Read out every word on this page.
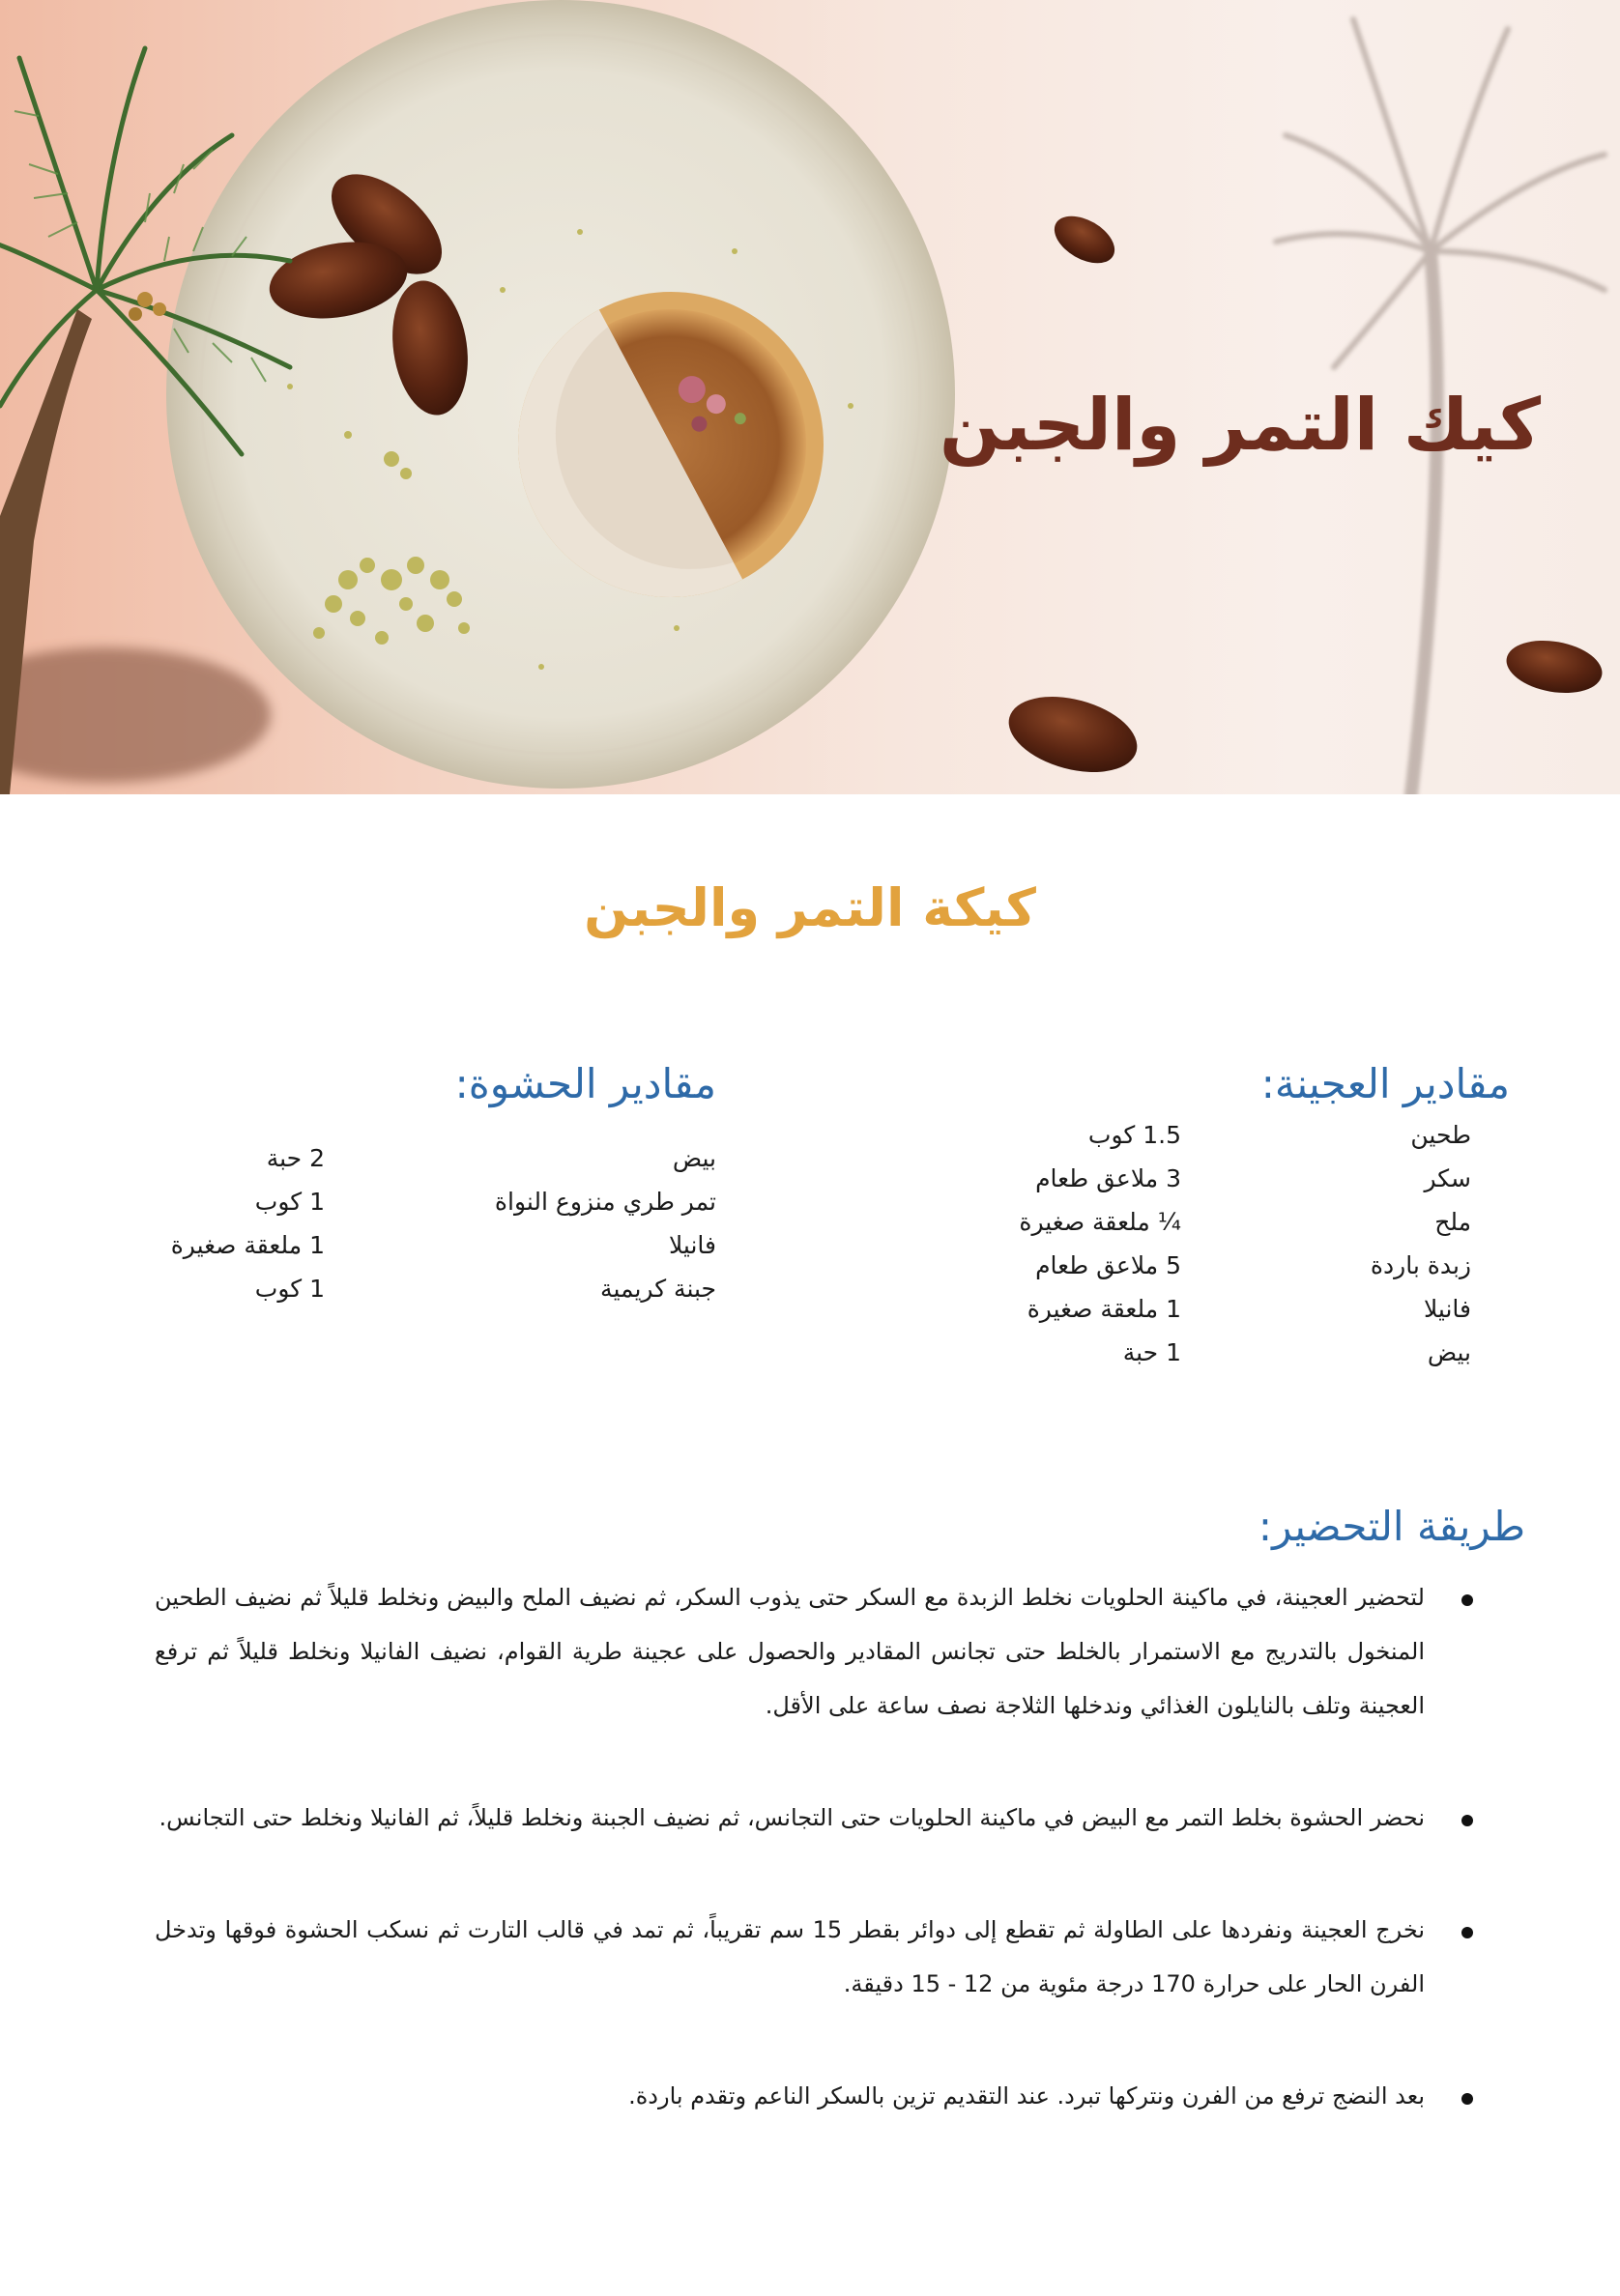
كيك التمر والجبن
كيكة التمر والجبن
مقادير العجينة:
طحين
1.5 كوب
سكر
3 ملاعق طعام
ملح
¼ ملعقة صغيرة
زبدة باردة
5 ملاعق طعام
فانيلا
1 ملعقة صغيرة
بيض
1 حبة
مقادير الحشوة:
بيض
2 حبة
تمر طري منزوع النواة
1 كوب
فانيلا
1 ملعقة صغيرة
جبنة كريمية
1 كوب
طريقة التحضير:
لتحضير العجينة، في ماكينة الحلويات نخلط الزبدة مع السكر حتى يذوب السكر، ثم نضيف الملح والبيض ونخلط قليلاً ثم نضيف الطحين المنخول بالتدريج مع الاستمرار بالخلط حتى تجانس المقادير والحصول على عجينة طرية القوام، نضيف الفانيلا ونخلط قليلاً ثم ترفع العجينة وتلف بالنايلون الغذائي وندخلها الثلاجة نصف ساعة على الأقل.
نحضر الحشوة بخلط التمر مع البيض في ماكينة الحلويات حتى التجانس، ثم نضيف الجبنة ونخلط قليلاً، ثم الفانيلا ونخلط حتى التجانس.
نخرج العجينة ونفردها على الطاولة ثم تقطع إلى دوائر بقطر 15 سم تقريباً، ثم تمد في قالب التارت ثم نسكب الحشوة فوقها وتدخل الفرن الحار على حرارة 170 درجة مئوية من 12 - 15 دقيقة.
بعد النضج ترفع من الفرن ونتركها تبرد. عند التقديم تزين بالسكر الناعم وتقدم باردة.
